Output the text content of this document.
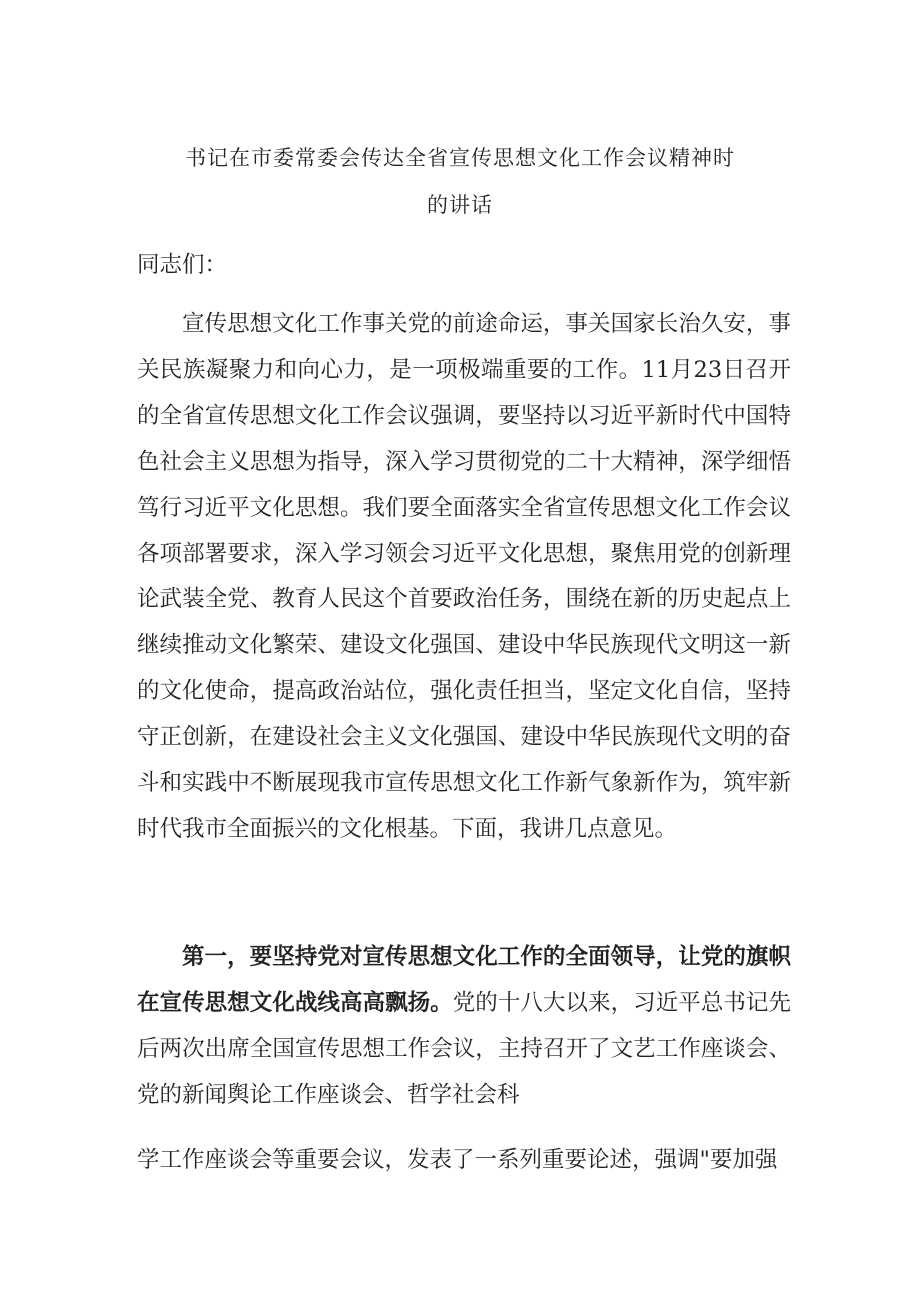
书记在市委常委会传达全省宣传思想文化工作会议精神时
的讲话
同志们：

宣传思想文化工作事关党的前途命运，事关国家长治久安，事关民族凝聚力和向心力，是一项极端重要的工作。11月23日召开的全省宣传思想文化工作会议强调，要坚持以习近平新时代中国特色社会主义思想为指导，深入学习贯彻党的二十大精神，深学细悟笃行习近平文化思想。我们要全面落实全省宣传思想文化工作会议各项部署要求，深入学习领会习近平文化思想，聚焦用党的创新理论武装全党、教育人民这个首要政治任务，围绕在新的历史起点上继续推动文化繁荣、建设文化强国、建设中华民族现代文明这一新的文化使命，提高政治站位，强化责任担当，坚定文化自信，坚持守正创新，在建设社会主义文化强国、建设中华民族现代文明的奋斗和实践中不断展现我市宣传思想文化工作新气象新作为，筑牢新时代我市全面振兴的文化根基。下面，我讲几点意见。

第一，要坚持党对宣传思想文化工作的全面领导，让党的旗帜在宣传思想文化战线高高飘扬。党的十八大以来，习近平总书记先后两次出席全国宣传思想工作会议，主持召开了文艺工作座谈会、党的新闻舆论工作座谈会、哲学社会科

学工作座谈会等重要会议，发表了一系列重要论述，强调"要加强
